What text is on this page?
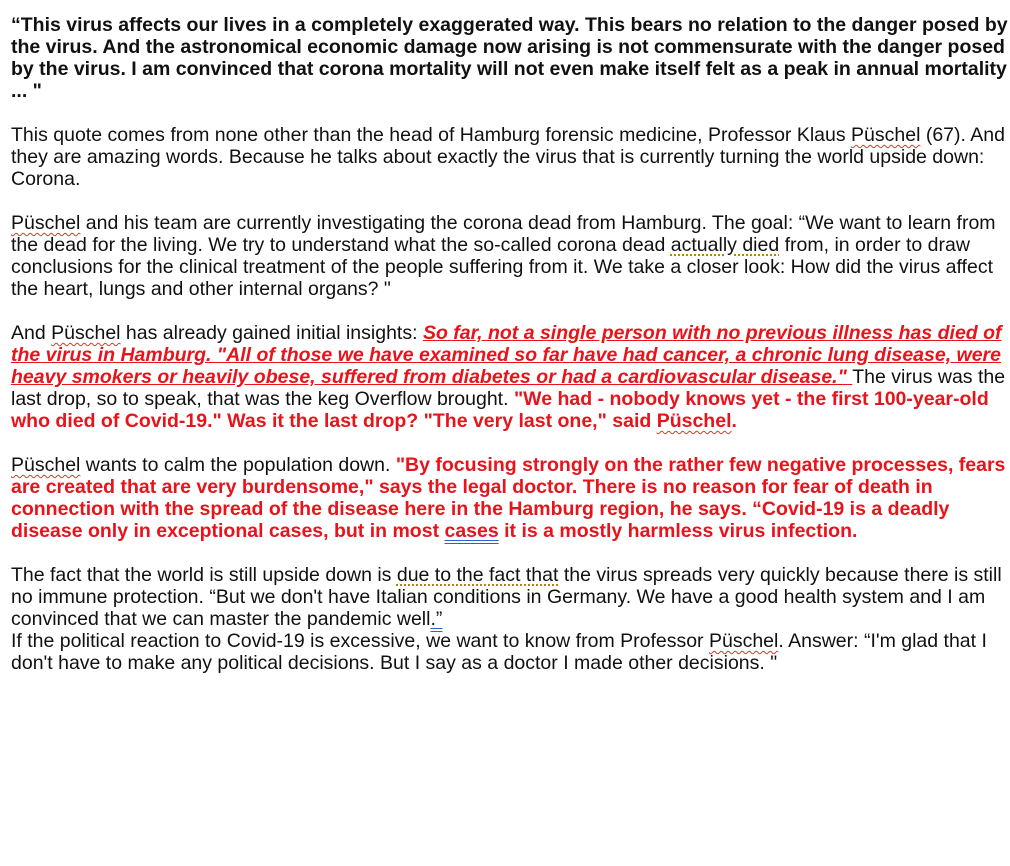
“This virus affects our lives in a completely exaggerated way. This bears no relation to the danger posed by the virus. And the astronomical economic damage now arising is not commensurate with the danger posed by the virus. I am convinced that corona mortality will not even make itself felt as a peak in annual mortality ... "

This quote comes from none other than the head of Hamburg forensic medicine, Professor Klaus Püschel (67). And they are amazing words. Because he talks about exactly the virus that is currently turning the world upside down: Corona.

Püschel and his team are currently investigating the corona dead from Hamburg. The goal: “We want to learn from the dead for the living. We try to understand what the so-called corona dead actually died from, in order to draw conclusions for the clinical treatment of the people suffering from it. We take a closer look: How did the virus affect the heart, lungs and other internal organs? "

And Püschel has already gained initial insights: So far, not a single person with no previous illness has died of the virus in Hamburg. "All of those we have examined so far have had cancer, a chronic lung disease, were heavy smokers or heavily obese, suffered from diabetes or had a cardiovascular disease." The virus was the last drop, so to speak, that was the keg Overflow brought. "We had - nobody knows yet - the first 100-year-old who died of Covid-19." Was it the last drop? "The very last one," said Püschel.

Püschel wants to calm the population down. "By focusing strongly on the rather few negative processes, fears are created that are very burdensome," says the legal doctor. There is no reason for fear of death in connection with the spread of the disease here in the Hamburg region, he says. “Covid-19 is a deadly disease only in exceptional cases, but in most cases it is a mostly harmless virus infection.

The fact that the world is still upside down is due to the fact that the virus spreads very quickly because there is still no immune protection. “But we don't have Italian conditions in Germany. We have a good health system and I am convinced that we can master the pandemic well.”

If the political reaction to Covid-19 is excessive, we want to know from Professor Püschel. Answer: “I'm glad that I don't have to make any political decisions. But I say as a doctor I made other decisions. "
